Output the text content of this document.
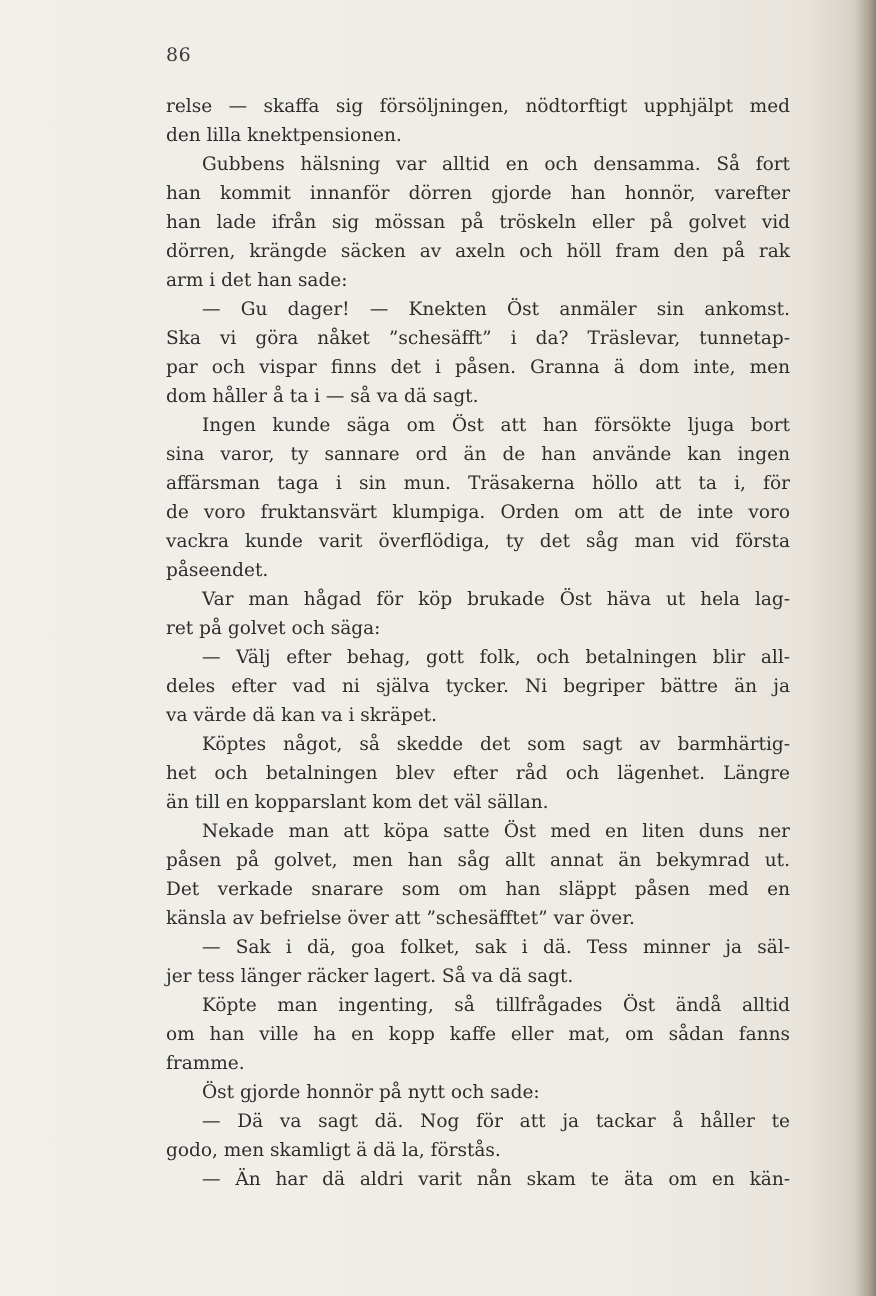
86
relse — skaffa sig försöljningen, nödtorftigt upphjälpt med
den lilla knektpensionen.
Gubbens hälsning var alltid en och densamma. Så fort
han kommit innanför dörren gjorde han honnör, varefter
han lade ifrån sig mössan på tröskeln eller på golvet vid
dörren, krängde säcken av axeln och höll fram den på rak
arm i det han sade:
— Gu dager! — Knekten Öst anmäler sin ankomst.
Ska vi göra nåket ”schesäfft” i da? Träslevar, tunnetap-
par och vispar finns det i påsen. Granna ä dom inte, men
dom håller å ta i — så va dä sagt.
Ingen kunde säga om Öst att han försökte ljuga bort
sina varor, ty sannare ord än de han använde kan ingen
affärsman taga i sin mun. Träsakerna höllo att ta i, för
de voro fruktansvärt klumpiga. Orden om att de inte voro
vackra kunde varit överflödiga, ty det såg man vid första
påseendet.
Var man hågad för köp brukade Öst häva ut hela lag-
ret på golvet och säga:
— Välj efter behag, gott folk, och betalningen blir all-
deles efter vad ni själva tycker. Ni begriper bättre än ja
va värde dä kan va i skräpet.
Köptes något, så skedde det som sagt av barmhärtig-
het och betalningen blev efter råd och lägenhet. Längre
än till en kopparslant kom det väl sällan.
Nekade man att köpa satte Öst med en liten duns ner
påsen på golvet, men han såg allt annat än bekymrad ut.
Det verkade snarare som om han släppt påsen med en
känsla av befrielse över att ”schesäfftet” var över.
— Sak i dä, goa folket, sak i dä. Tess minner ja säl-
jer tess länger räcker lagert. Så va dä sagt.
Köpte man ingenting, så tillfrågades Öst ändå alltid
om han ville ha en kopp kaffe eller mat, om sådan fanns
framme.
Öst gjorde honnör på nytt och sade:
— Dä va sagt dä. Nog för att ja tackar å håller te
godo, men skamligt ä dä la, förstås.
— Än har dä aldri varit nån skam te äta om en kän-
